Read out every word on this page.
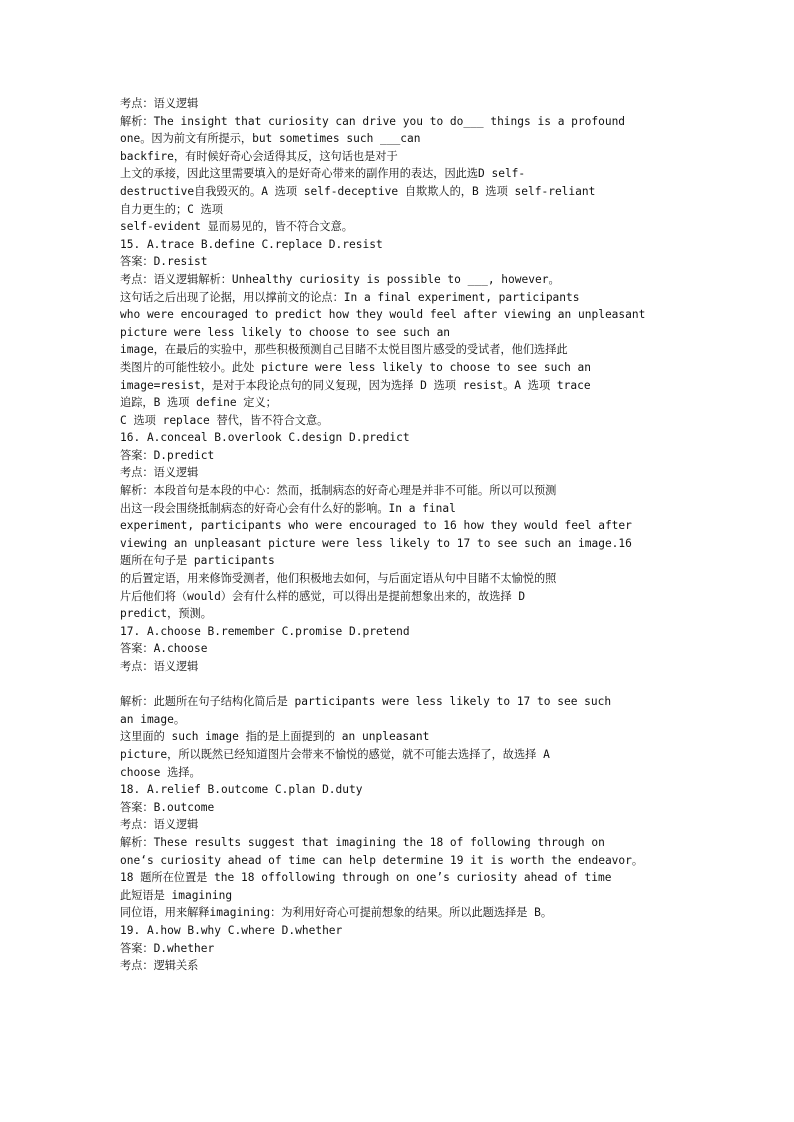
考点：语义逻辑
解析：The insight that curiosity can drive you to do___ things is a profound
one。因为前文有所提示，but sometimes such ___can
backfire，有时候好奇心会适得其反，这句话也是对于
上文的承接，因此这里需要填入的是好奇心带来的副作用的表达，因此选D self-
destructive自我毁灭的。A 选项 self-deceptive 自欺欺人的，B 选项 self-reliant
自力更生的；C 选项
self-evident 显而易见的，皆不符合文意。
15. A.trace B.define C.replace D.resist
答案：D.resist
考点：语义逻辑解析：Unhealthy curiosity is possible to ___, however。
这句话之后出现了论据，用以撑前文的论点：In a final experiment, participants
who were encouraged to predict how they would feel after viewing an unpleasant
picture were less likely to choose to see such an
image，在最后的实验中，那些积极预测自己目睹不太悦目图片感受的受试者，他们选择此
类图片的可能性较小。此处 picture were less likely to choose to see such an
image=resist，是对于本段论点句的同义复现，因为选择 D 选项 resist。A 选项 trace
追踪，B 选项 define 定义；
C 选项 replace 替代，皆不符合文意。
16. A.conceal B.overlook C.design D.predict
答案：D.predict
考点：语义逻辑
解析：本段首句是本段的中心：然而，抵制病态的好奇心理是并非不可能。所以可以预测
出这一段会围绕抵制病态的好奇心会有什么好的影响。In a final
experiment, participants who were encouraged to 16 how they would feel after
viewing an unpleasant picture were less likely to 17 to see such an image.16
题所在句子是 participants
的后置定语，用来修饰受测者，他们积极地去如何，与后面定语从句中目睹不太愉悦的照
片后他们将（would）会有什么样的感觉，可以得出是提前想象出来的，故选择 D
predict，预测。
17. A.choose B.remember C.promise D.pretend
答案：A.choose
考点：语义逻辑

解析：此题所在句子结构化简后是 participants were less likely to 17 to see such
an image。
这里面的 such image 指的是上面提到的 an unpleasant
picture，所以既然已经知道图片会带来不愉悦的感觉，就不可能去选择了，故选择 A
choose 选择。
18. A.relief B.outcome C.plan D.duty
答案：B.outcome
考点：语义逻辑
解析：These results suggest that imagining the 18 of following through on
one‘s curiosity ahead of time can help determine 19 it is worth the endeavor。
18 题所在位置是 the 18 offollowing through on one’s curiosity ahead of time
此短语是 imagining
同位语，用来解释imagining：为利用好奇心可提前想象的结果。所以此题选择是 B。
19. A.how B.why C.where D.whether
答案：D.whether
考点：逻辑关系
